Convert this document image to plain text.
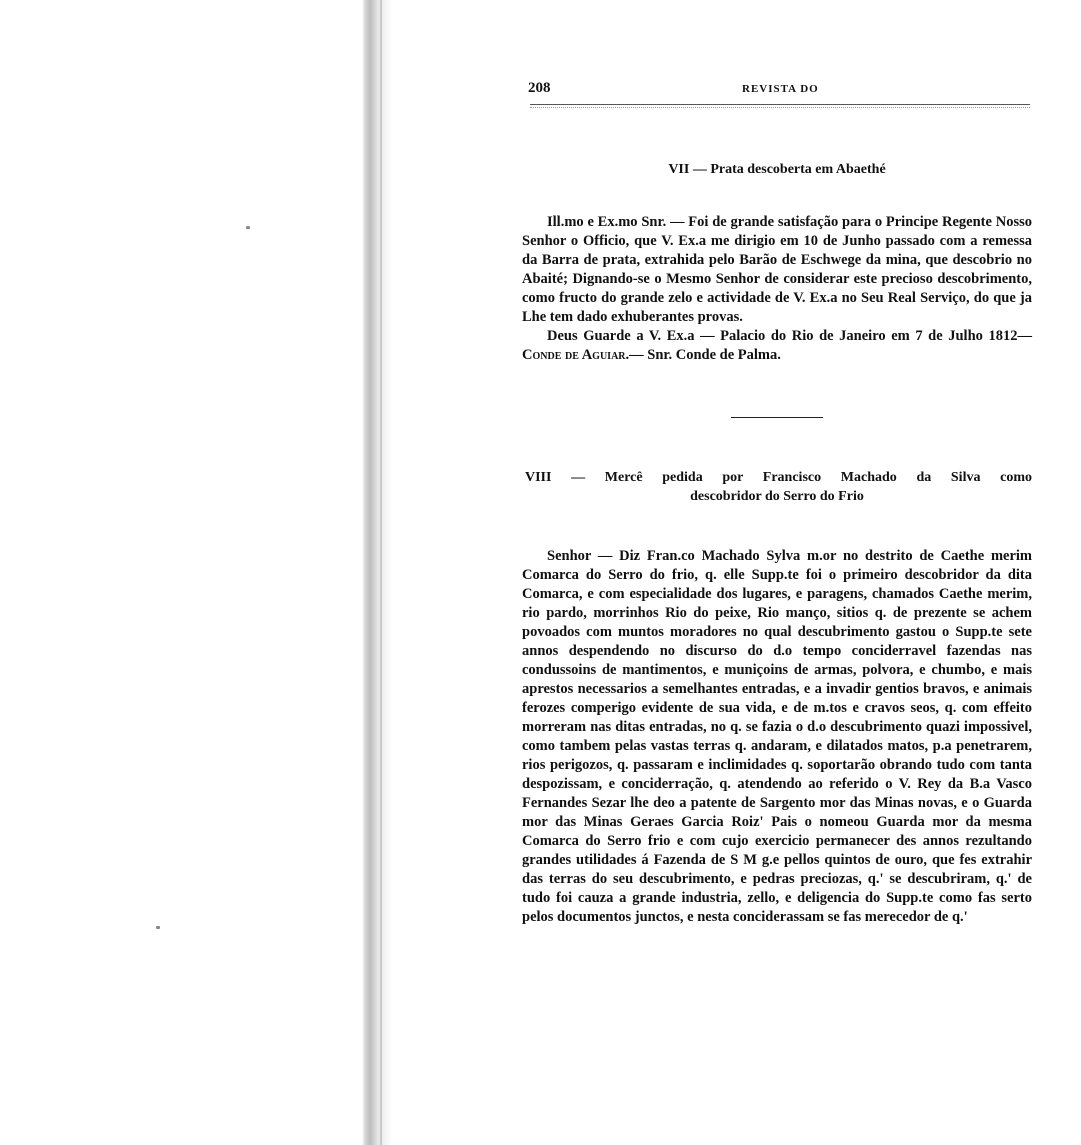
208	REVISTA DO
VII — Prata descoberta em Abaethé

Ill.mo e Ex.mo Snr. — Foi de grande satisfação para o Principe Regente Nosso Senhor o Officio, que V. Ex.a me dirigio em 10 de Junho passado com a remessa da Barra de prata, extrahida pelo Barão de Eschwege da mina, que descobrio no Abaité; Dignando-se o Mesmo Senhor de considerar este precioso descobrimento, como fructo do grande zelo e actividade de V. Ex.a no Seu Real Serviço, do que ja Lhe tem dado exhuberantes provas.

Deus Guarde a V. Ex.a — Palacio do Rio de Janeiro em 7 de Julho 1812— Conde de Aguiar.— Snr. Conde de Palma.

VIII — Mercê pedida por Francisco Machado da Silva como
descobridor do Serro do Frio

Senhor — Diz Fran.co Machado Sylva m.or no destrito de Caethe merim Comarca do Serro do frio, q. elle Supp.te foi o primeiro descobridor da dita Comarca, e com especialidade dos lugares, e paragens, chamados Caethe merim, rio pardo, morrinhos Rio do peixe, Rio manço, sitios q. de prezente se achem povoados com muntos moradores no qual descubrimento gastou o Supp.te sete annos despendendo no discurso do d.o tempo conciderravel fazendas nas condussoins de mantimentos, e muniçoins de armas, polvora, e chumbo, e mais aprestos necessarios a semelhantes entradas, e a invadir gentios bravos, e animais ferozes comperigo evidente de sua vida, e de m.tos e cravos seos, q. com effeito morreram nas ditas entradas, no q. se fazia o d.o descubrimento quazi impossivel, como tambem pelas vastas terras q. andaram, e dilatados matos, p.a penetrarem, rios perigozos, q. passaram e inclimidades q. soportarão obrando tudo com tanta despozissam, e conciderração, q. atendendo ao referido o V. Rey da B.a Vasco Fernandes Sezar lhe deo a patente de Sargento mor das Minas novas, e o Guarda mor das Minas Geraes Garcia Roiz' Pais o nomeou Guarda mor da mesma Comarca do Serro frio e com cujo exercicio permanecer des annos rezultando grandes utilidades á Fazenda de S M g.e pellos quintos de ouro, que fes extrahir das terras do seu descubrimento, e pedras preciozas, q.' se descubriram, q.' de tudo foi cauza a grande industria, zello, e deligencia do Supp.te como fas serto pelos documentos junctos, e nesta conciderassam se fas merecedor de q.'
